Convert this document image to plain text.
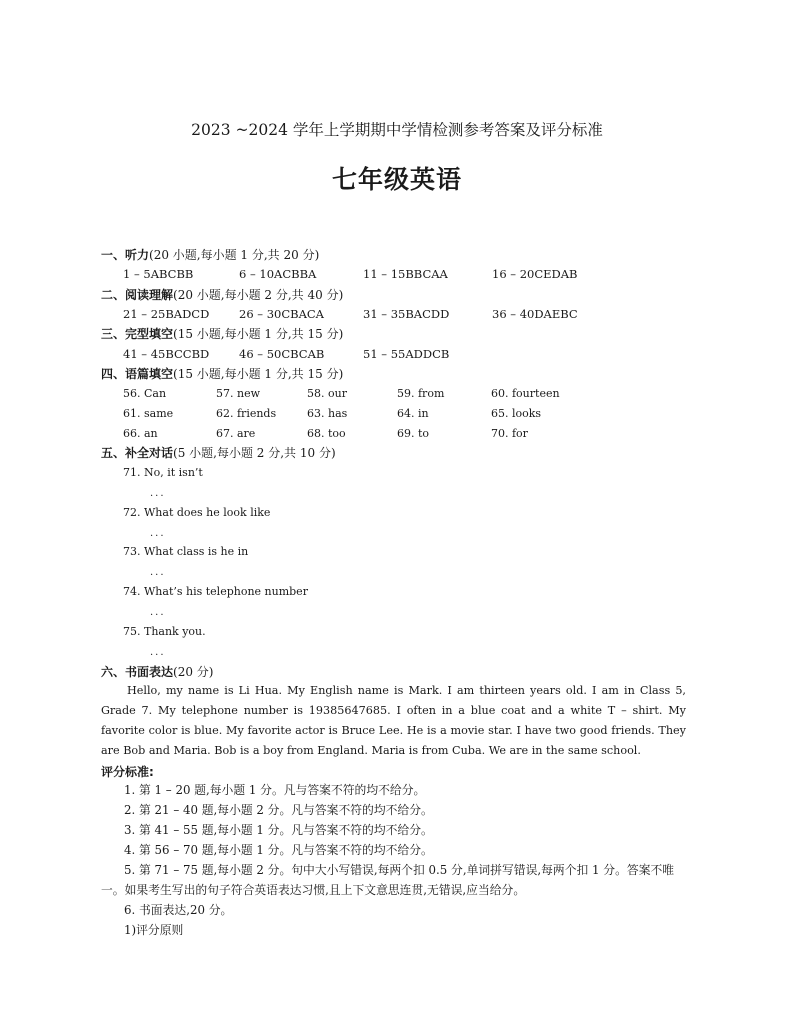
2023 ~2024 学年上学期期中学情检测参考答案及评分标准
七年级英语
一、听力(20 小题,每小题 1 分,共 20 分)
1 – 5ABCBB	6 – 10ACBBA	11 – 15BBCAA	16 – 20CEDAB
二、阅读理解(20 小题,每小题 2 分,共 40 分)
21 – 25BADCD	26 – 30CBACA	31 – 35BACDD	36 – 40DAEBC
三、完型填空(15 小题,每小题 1 分,共 15 分)
41 – 45BCCBD	46 – 50CBCAB	51 – 55ADDCB
四、语篇填空(15 小题,每小题 1 分,共 15 分)
56. Can	57. new	58. our	59. from	60. fourteen
61. same	62. friends	63. has	64. in	65. looks
66. an	67. are	68. too	69. to	70. for
五、补全对话(5 小题,每小题 2 分,共 10 分)
71. No, it isn’t
...
72. What does he look like
...
73. What class is he in
...
74. What’s his telephone number
...
75. Thank you.
...
六、书面表达(20 分)

Hello, my name is Li Hua. My English name is Mark. I am thirteen years old. I am in Class 5, Grade 7. My telephone number is 19385647685. I often in a blue coat and a white T – shirt. My favorite color is blue. My favorite actor is Bruce Lee. He is a movie star. I have two good friends. They are Bob and Maria. Bob is a boy from England. Maria is from Cuba. We are in the same school.

评分标准:
1. 第 1 – 20 题,每小题 1 分。凡与答案不符的均不给分。
2. 第 21 – 40 题,每小题 2 分。凡与答案不符的均不给分。
3. 第 41 – 55 题,每小题 1 分。凡与答案不符的均不给分。
4. 第 56 – 70 题,每小题 1 分。凡与答案不符的均不给分。
5. 第 71 – 75 题,每小题 2 分。句中大小写错误,每两个扣 0.5 分,单词拼写错误,每两个扣 1 分。答案不唯一。如果考生写出的句子符合英语表达习惯,且上下文意思连贯,无错误,应当给分。
6. 书面表达,20 分。
1)评分原则
